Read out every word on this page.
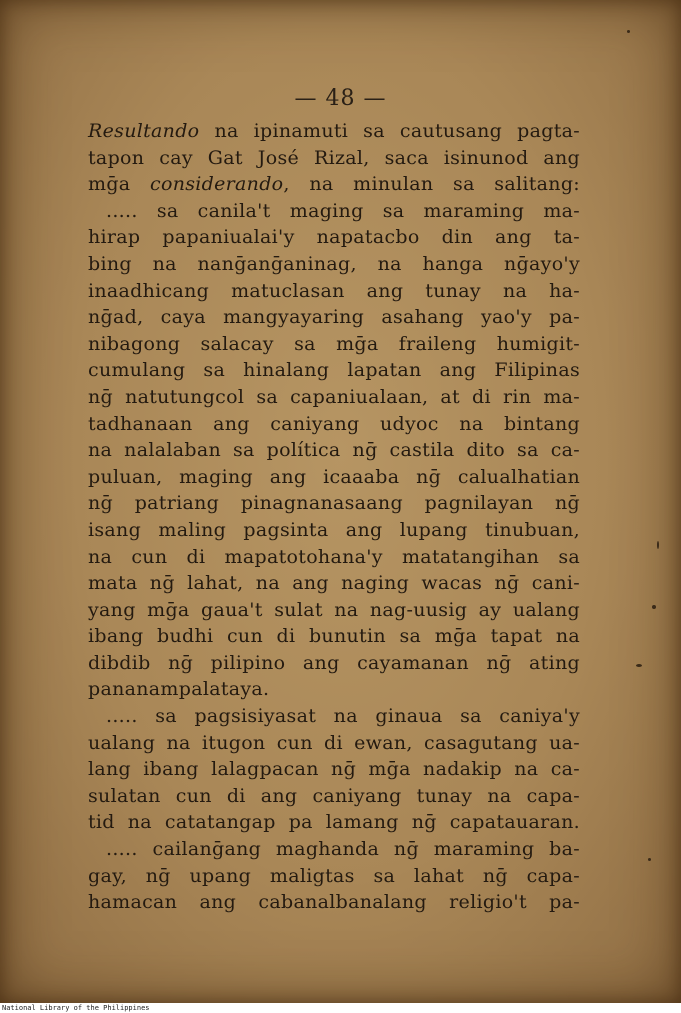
— 48 —
Resultando na ipinamuti sa cautusang pagta-
tapon cay Gat José Rizal, saca isinunod ang
mḡa considerando, na minulan sa salitang:
..... sa canila't maging sa maraming ma-
hirap papaniualai'y napatacbo din ang ta-
bing na nanḡanḡaninag, na hanga nḡayo'y
inaadhicang matuclasan ang tunay na ha-
nḡad, caya mangyayaring asahang yao'y pa-
nibagong salacay sa mḡa fraileng humigit-
cumulang sa hinalang lapatan ang Filipinas
nḡ natutungcol sa capaniualaan, at di rin ma-
tadhanaan ang caniyang udyoc na bintang
na nalalaban sa política nḡ castila dito sa ca-
puluan, maging ang icaaaba nḡ calualhatian
nḡ patriang pinagnanasaang pagnilayan nḡ
isang maling pagsinta ang lupang tinubuan,
na cun di mapatotohana'y matatangihan sa
mata nḡ lahat, na ang naging wacas nḡ cani-
yang mḡa gaua't sulat na nag-uusig ay ualang
ibang budhi cun di bunutin sa mḡa tapat na
dibdib nḡ pilipino ang cayamanan nḡ ating
pananampalataya.
..... sa pagsisiyasat na ginaua sa caniya'y
ualang na itugon cun di ewan, casagutang ua-
lang ibang lalagpacan nḡ mḡa nadakip na ca-
sulatan cun di ang caniyang tunay na capa-
tid na catatangap pa lamang nḡ capatauaran.
..... cailanḡang maghanda nḡ maraming ba-
gay, nḡ upang maligtas sa lahat nḡ capa-
hamacan ang cabanalbanalang religio't pa-
National Library of the Philippines
